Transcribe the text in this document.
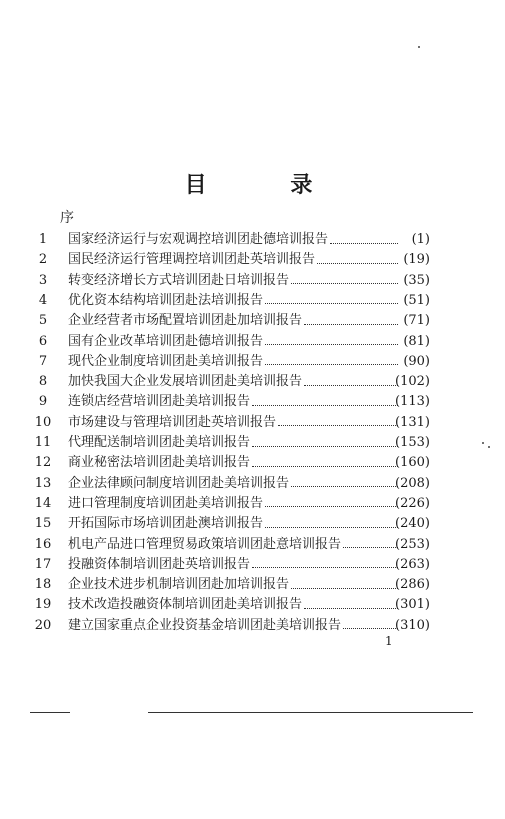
目 录
序
1	国家经济运行与宏观调控培训团赴德培训报告	(1)
2	国民经济运行管理调控培训团赴英培训报告	(19)
3	转变经济增长方式培训团赴日培训报告	(35)
4	优化资本结构培训团赴法培训报告	(51)
5	企业经营者市场配置培训团赴加培训报告	(71)
6	国有企业改革培训团赴德培训报告	(81)
7	现代企业制度培训团赴美培训报告	(90)
8	加快我国大企业发展培训团赴美培训报告	(102)
9	连锁店经营培训团赴美培训报告	(113)
10	市场建设与管理培训团赴英培训报告	(131)
11	代理配送制培训团赴美培训报告	(153)
12	商业秘密法培训团赴美培训报告	(160)
13	企业法律顾问制度培训团赴美培训报告	(208)
14	进口管理制度培训团赴美培训报告	(226)
15	开拓国际市场培训团赴澳培训报告	(240)
16	机电产品进口管理贸易政策培训团赴意培训报告	(253)
17	投融资体制培训团赴英培训报告	(263)
18	企业技术进步机制培训团赴加培训报告	(286)
19	技术改造投融资体制培训团赴美培训报告	(301)
20	建立国家重点企业投资基金培训团赴美培训报告	(310)
1
